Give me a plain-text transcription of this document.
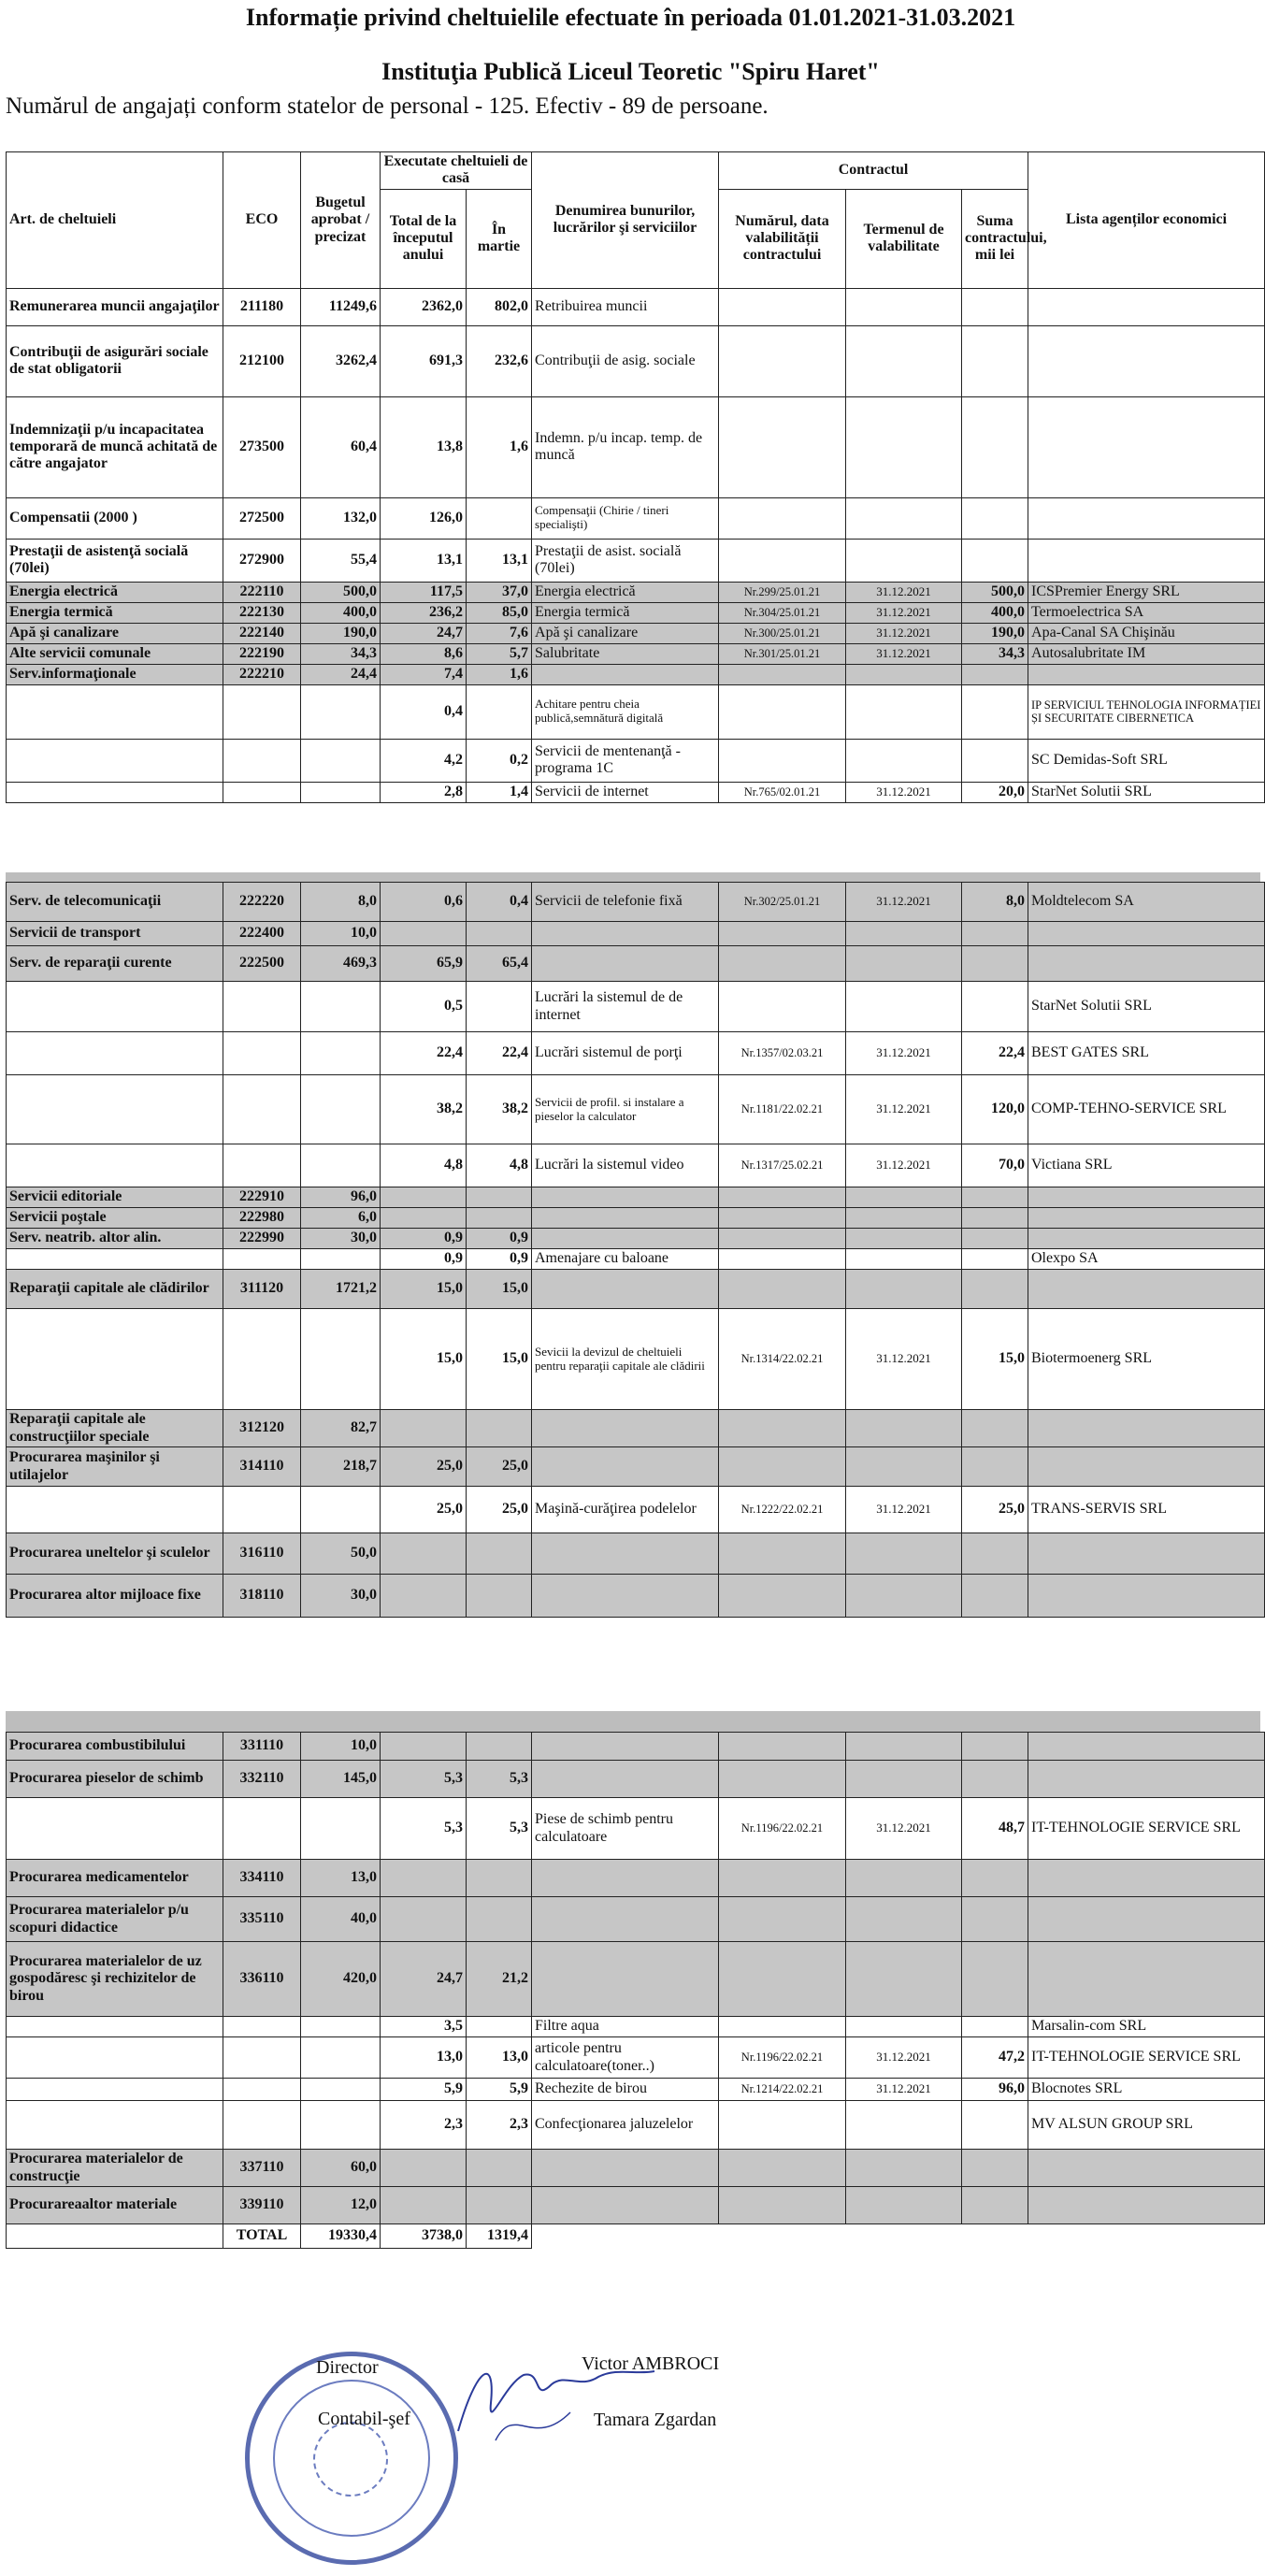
Informație privind cheltuielile efectuate în perioada 01.01.2021-31.03.2021
Instituţia Publică Liceul Teoretic "Spiru Haret"
Numărul de angajați conform statelor de personal - 125. Efectiv - 89 de persoane.
Art. de cheltuieli	ECO	Bugetul aprobat / precizat	Executate cheltuieli de casă		Denumirea bunurilor, lucrărilor şi serviciilor	Contractul			Lista agenților economici
			Total de la începutul anului	În martie		Numărul, data valabilității contractului	Termenul de valabilitate	Suma contractului, mii lei	
Remunerarea muncii angajaţilor	211180	11249,6	2362,0	802,0	Retribuirea muncii				
Contribuţii de asigurări sociale de stat obligatorii	212100	3262,4	691,3	232,6	Contribuţii de asig. sociale				
Indemnizaţii p/u incapacitatea temporară de muncă achitată de către angajator	273500	60,4	13,8	1,6	Indemn. p/u incap. temp. de muncă				
Compensatii (2000 )	272500	132,0	126,0		Compensaţii (Chirie / tineri specialişti)				
Prestaţii de asistenţă socială (70lei)	272900	55,4	13,1	13,1	Prestaţii de asist. socială (70lei)				
Energia electrică	222110	500,0	117,5	37,0	Energia electrică	Nr.299/25.01.21	31.12.2021	500,0	ICSPremier Energy SRL
Energia termică	222130	400,0	236,2	85,0	Energia termică	Nr.304/25.01.21	31.12.2021	400,0	Termoelectrica SA
Apă şi canalizare	222140	190,0	24,7	7,6	Apă şi canalizare	Nr.300/25.01.21	31.12.2021	190,0	Apa-Canal SA Chişinău
Alte servicii comunale	222190	34,3	8,6	5,7	Salubritate	Nr.301/25.01.21	31.12.2021	34,3	Autosalubritate IM
Serv.informaţionale	222210	24,4	7,4	1,6					
			0,4		Achitare pentru cheia publică,semnătură digitală				IP SERVICIUL TEHNOLOGIA INFORMAȚIEI ȘI SECURITATE CIBERNETICA
			4,2	0,2	Servicii de mentenanţă - programa 1C				SC Demidas-Soft SRL
			2,8	1,4	Servicii de internet	Nr.765/02.01.21	31.12.2021	20,0	StarNet Solutii SRL
Serv. de telecomunicaţii	222220	8,0	0,6	0,4	Servicii de telefonie fixă	Nr.302/25.01.21	31.12.2021	8,0	Moldtelecom SA
Servicii de transport	222400	10,0							
Serv. de reparaţii curente	222500	469,3	65,9	65,4					
			0,5		Lucrări la sistemul de de internet				StarNet Solutii SRL
			22,4	22,4	Lucrări sistemul de porţi	Nr.1357/02.03.21	31.12.2021	22,4	BEST GATES SRL
			38,2	38,2	Servicii de profil. si instalare a pieselor la calculator	Nr.1181/22.02.21	31.12.2021	120,0	COMP-TEHNO-SERVICE SRL
			4,8	4,8	Lucrări la sistemul video	Nr.1317/25.02.21	31.12.2021	70,0	Victiana SRL
Servicii editoriale	222910	96,0							
Servicii poştale	222980	6,0							
Serv. neatrib. altor alin.	222990	30,0	0,9	0,9					
			0,9	0,9	Amenajare cu baloane				Olexpo SA
Reparaţii capitale ale clădirilor	311120	1721,2	15,0	15,0					
			15,0	15,0	Sevicii la devizul de cheltuieli pentru reparaţii capitale ale clădirii	Nr.1314/22.02.21	31.12.2021	15,0	Biotermoenerg SRL
Reparaţii capitale ale construcţiilor speciale	312120	82,7							
Procurarea maşinilor şi utilajelor	314110	218,7	25,0	25,0					
			25,0	25,0	Maşină-curăţirea podelelor	Nr.1222/22.02.21	31.12.2021	25,0	TRANS-SERVIS SRL
Procurarea uneltelor şi sculelor	316110	50,0							
Procurarea altor mijloace fixe	318110	30,0							
Procurarea combustibilului	331110	10,0							
Procurarea pieselor de schimb	332110	145,0	5,3	5,3					
			5,3	5,3	Piese de schimb pentru calculatoare	Nr.1196/22.02.21	31.12.2021	48,7	IT-TEHNOLOGIE SERVICE SRL
Procurarea medicamentelor	334110	13,0							
Procurarea materialelor p/u scopuri didactice	335110	40,0							
Procurarea materialelor de uz gospodăresc şi rechizitelor de birou	336110	420,0	24,7	21,2					
			3,5		Filtre aqua				Marsalin-com SRL
			13,0	13,0	articole pentru calculatoare(toner..)	Nr.1196/22.02.21	31.12.2021	47,2	IT-TEHNOLOGIE SERVICE SRL
			5,9	5,9	Rechezite de birou	Nr.1214/22.02.21	31.12.2021	96,0	Blocnotes SRL
			2,3	2,3	Confecţionarea jaluzelelor				MV ALSUN GROUP SRL
Procurarea materialelor de construcţie	337110	60,0							
Procurareaaltor materiale	339110	12,0							
	TOTAL	19330,4	3738,0	1319,4					
Director	Victor AMBROCI
Contabil-şef	Tamara Zgardan
